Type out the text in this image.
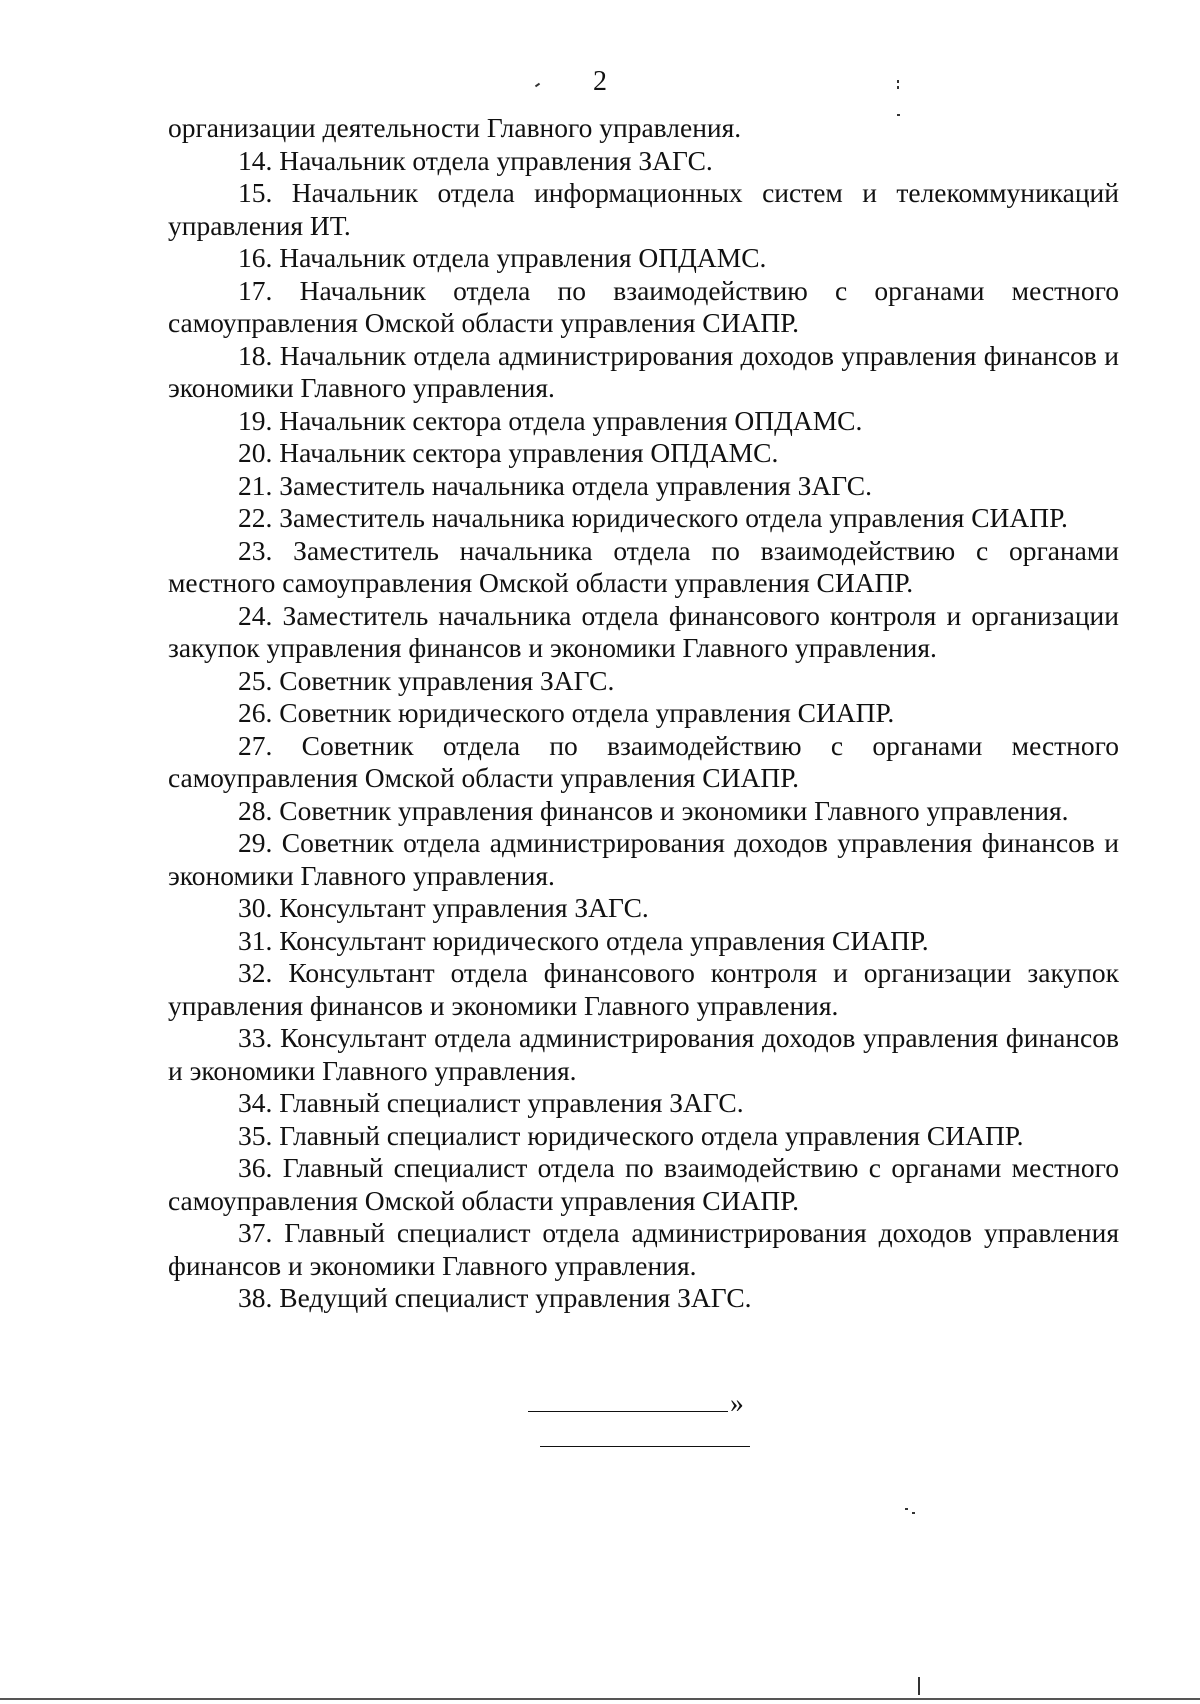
2

организации деятельности Главного управления.

14. Начальник отдела управления ЗАГС.

15. Начальник отдела информационных систем и телекоммуникаций управления ИТ.

16. Начальник отдела управления ОПДАМС.

17. Начальник отдела по взаимодействию с органами местного самоуправления Омской области управления СИАПР.

18. Начальник отдела администрирования доходов управления финансов и экономики Главного управления.

19. Начальник сектора отдела управления ОПДАМС.

20. Начальник сектора управления ОПДАМС.

21. Заместитель начальника отдела управления ЗАГС.

22. Заместитель начальника юридического отдела управления СИАПР.

23. Заместитель начальника отдела по взаимодействию с органами местного самоуправления Омской области управления СИАПР.

24. Заместитель начальника отдела финансового контроля и организации закупок управления финансов и экономики Главного управления.

25. Советник управления ЗАГС.

26. Советник юридического отдела управления СИАПР.

27. Советник отдела по взаимодействию с органами местного самоуправления Омской области управления СИАПР.

28. Советник управления финансов и экономики Главного управления.

29. Советник отдела администрирования доходов управления финансов и экономики Главного управления.

30. Консультант управления ЗАГС.

31. Консультант юридического отдела управления СИАПР.

32. Консультант отдела финансового контроля и организации закупок управления финансов и экономики Главного управления.

33. Консультант отдела администрирования доходов управления финансов и экономики Главного управления.

34. Главный специалист управления ЗАГС.

35. Главный специалист юридического отдела управления СИАПР.

36. Главный специалист отдела по взаимодействию с органами местного самоуправления Омской области управления СИАПР.

37. Главный специалист отдела администрирования доходов управления финансов и экономики Главного управления.

38. Ведущий специалист управления ЗАГС.

»
